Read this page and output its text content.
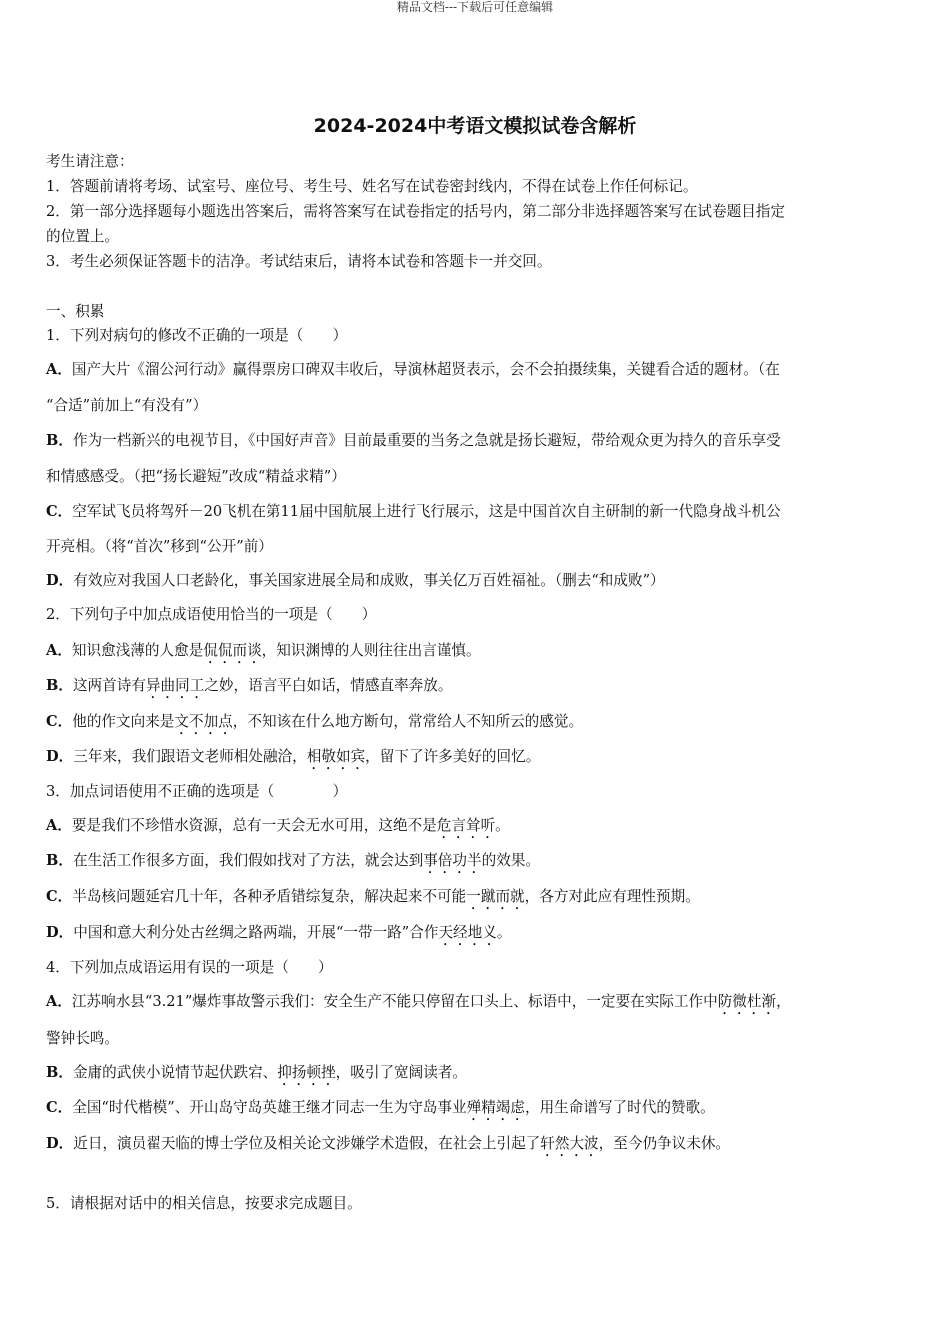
精品文档---下载后可任意编辑
2024-2024中考语文模拟试卷含解析
考生请注意：
1．答题前请将考场、试室号、座位号、考生号、姓名写在试卷密封线内，不得在试卷上作任何标记。
2．第一部分选择题每小题选出答案后，需将答案写在试卷指定的括号内，第二部分非选择题答案写在试卷题目指定
的位置上。
3．考生必须保证答题卡的洁净。考试结束后，请将本试卷和答题卡一并交回。
一、积累
1．下列对病句的修改不正确的一项是（　　）
A．国产大片《溜公河行动》赢得票房口碑双丰收后，导演林超贤表示，会不会拍摄续集，关键看合适的题材。（在
“合适”前加上“有没有”）
B．作为一档新兴的电视节目，《中国好声音》目前最重要的当务之急就是扬长避短，带给观众更为持久的音乐享受
和情感感受。（把“扬长避短”改成“精益求精”）
C．空军试飞员将驾歼－20飞机在第11届中国航展上进行飞行展示，这是中国首次自主研制的新一代隐身战斗机公
开亮相。（将“首次”移到“公开”前）
D．有效应对我国人口老龄化，事关国家进展全局和成败，事关亿万百姓福祉。（删去“和成败”）
2．下列句子中加点成语使用恰当的一项是（　　）
A．知识愈浅薄的人愈是侃侃而谈，知识渊博的人则往往出言谨慎。
B．这两首诗有异曲同工之妙，语言平白如话，情感直率奔放。
C．他的作文向来是文不加点，不知该在什么地方断句，常常给人不知所云的感觉。
D．三年来，我们跟语文老师相处融洽，相敬如宾，留下了许多美好的回忆。
3．加点词语使用不正确的选项是（　　　　）
A．要是我们不珍惜水资源，总有一天会无水可用，这绝不是危言耸听。
B．在生活工作很多方面，我们假如找对了方法，就会达到事倍功半的效果。
C．半岛核问题延宕几十年，各种矛盾错综复杂，解决起来不可能一蹴而就，各方对此应有理性预期。
D．中国和意大利分处古丝绸之路两端，开展“一带一路”合作天经地义。
4．下列加点成语运用有误的一项是（　　）
A．江苏响水县“3.21”爆炸事故警示我们：安全生产不能只停留在口头上、标语中，一定要在实际工作中防微杜渐，
警钟长鸣。
B．金庸的武侠小说情节起伏跌宕、抑扬顿挫，吸引了宽阔读者。
C．全国“时代楷模”、开山岛守岛英雄王继才同志一生为守岛事业殚精竭虑，用生命谱写了时代的赞歌。
D．近日，演员翟天临的博士学位及相关论文涉嫌学术造假，在社会上引起了轩然大波，至今仍争议未休。
5．请根据对话中的相关信息，按要求完成题目。
